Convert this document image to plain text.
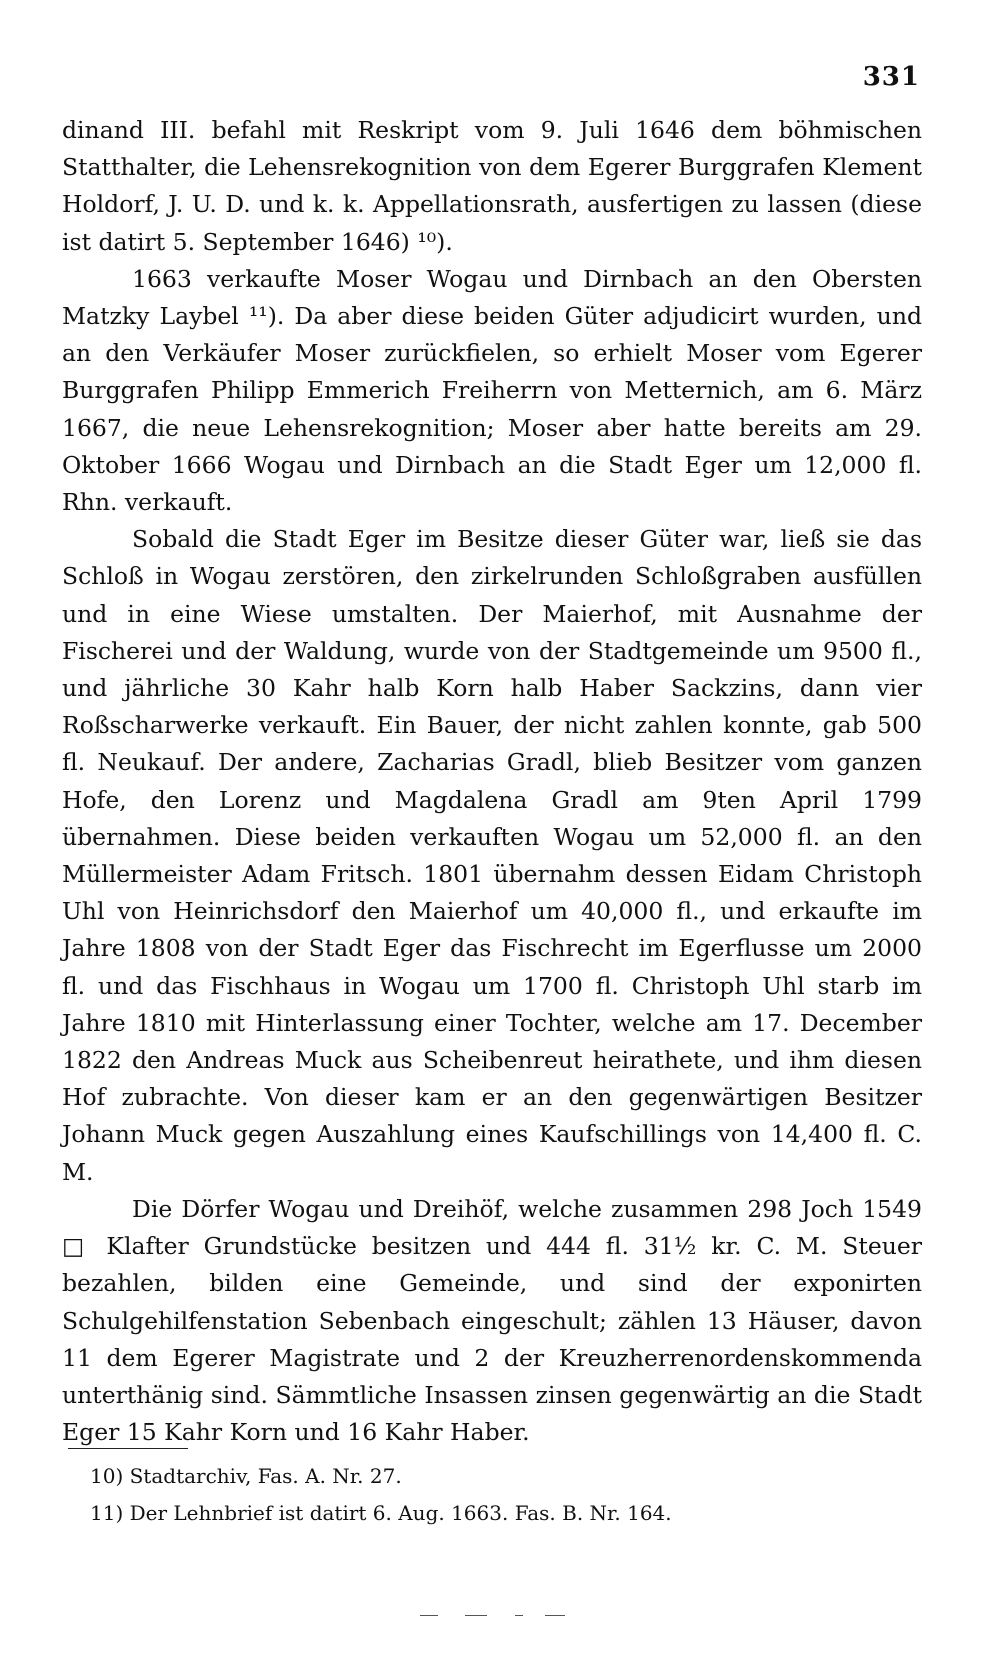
331

dinand III. befahl mit Reskript vom 9. Juli 1646 dem böhmischen Statthalter, die Lehensrekognition von dem Egerer Burggrafen Klement Holdorf, J. U. D. und k. k. Appellationsrath, ausfertigen zu lassen (diese ist datirt 5. September 1646) ¹⁰).

1663 verkaufte Moser Wogau und Dirnbach an den Obersten Matzky Laybel ¹¹). Da aber diese beiden Güter adjudicirt wurden, und an den Verkäufer Moser zurückfielen, so erhielt Moser vom Egerer Burggrafen Philipp Emmerich Freiherrn von Metternich, am 6. März 1667, die neue Lehensrekognition; Moser aber hatte bereits am 29. Oktober 1666 Wogau und Dirnbach an die Stadt Eger um 12,000 fl. Rhn. verkauft.

Sobald die Stadt Eger im Besitze dieser Güter war, ließ sie das Schloß in Wogau zerstören, den zirkelrunden Schloßgraben ausfüllen und in eine Wiese umstalten. Der Maierhof, mit Ausnahme der Fischerei und der Waldung, wurde von der Stadtgemeinde um 9500 fl., und jährliche 30 Kahr halb Korn halb Haber Sackzins, dann vier Roßscharwerke verkauft. Ein Bauer, der nicht zahlen konnte, gab 500 fl. Neukauf. Der andere, Zacharias Gradl, blieb Besitzer vom ganzen Hofe, den Lorenz und Magdalena Gradl am 9ten April 1799 übernahmen. Diese beiden verkauften Wogau um 52,000 fl. an den Müllermeister Adam Fritsch. 1801 übernahm dessen Eidam Christoph Uhl von Heinrichsdorf den Maierhof um 40,000 fl., und erkaufte im Jahre 1808 von der Stadt Eger das Fischrecht im Egerflusse um 2000 fl. und das Fischhaus in Wogau um 1700 fl. Christoph Uhl starb im Jahre 1810 mit Hinterlassung einer Tochter, welche am 17. December 1822 den Andreas Muck aus Scheibenreut heirathete, und ihm diesen Hof zubrachte. Von dieser kam er an den gegenwärtigen Besitzer Johann Muck gegen Auszahlung eines Kaufschillings von 14,400 fl. C. M.

Die Dörfer Wogau und Dreihöf, welche zusammen 298 Joch 1549 □ Klafter Grundstücke besitzen und 444 fl. 31½ kr. C. M. Steuer bezahlen, bilden eine Gemeinde, und sind der exponirten Schulgehilfenstation Sebenbach eingeschult; zählen 13 Häuser, davon 11 dem Egerer Magistrate und 2 der Kreuzherrenordenskommenda unterthänig sind. Sämmtliche Insassen zinsen gegenwärtig an die Stadt Eger 15 Kahr Korn und 16 Kahr Haber.

10) Stadtarchiv, Fas. A. Nr. 27.

11) Der Lehnbrief ist datirt 6. Aug. 1663. Fas. B. Nr. 164.
